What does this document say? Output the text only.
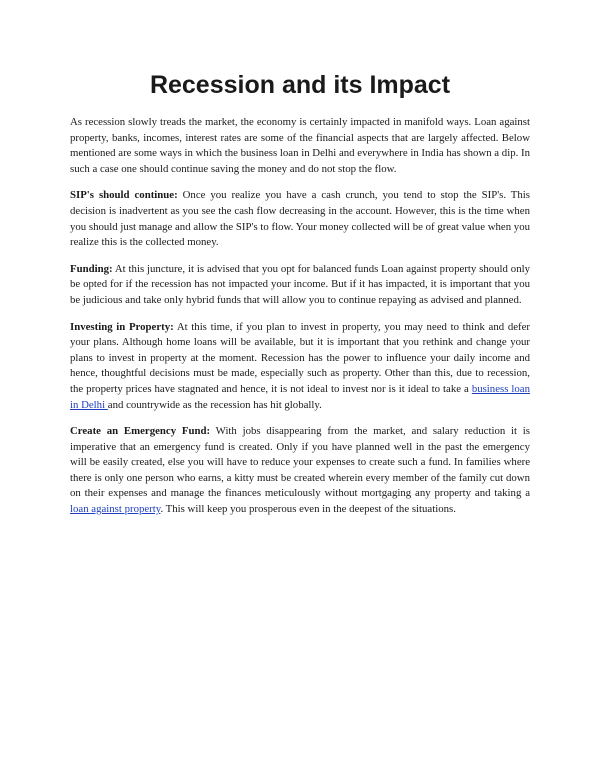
Recession and its Impact

As recession slowly treads the market, the economy is certainly impacted in manifold ways. Loan against property, banks, incomes, interest rates are some of the financial aspects that are largely affected. Below mentioned are some ways in which the business loan in Delhi and everywhere in India has shown a dip. In such a case one should continue saving the money and do not stop the flow.

SIP's should continue: Once you realize you have a cash crunch, you tend to stop the SIP's. This decision is inadvertent as you see the cash flow decreasing in the account. However, this is the time when you should just manage and allow the SIP's to flow. Your money collected will be of great value when you realize this is the collected money.

Funding: At this juncture, it is advised that you opt for balanced funds Loan against property should only be opted for if the recession has not impacted your income. But if it has impacted, it is important that you be judicious and take only hybrid funds that will allow you to continue repaying as advised and planned.

Investing in Property: At this time, if you plan to invest in property, you may need to think and defer your plans. Although home loans will be available, but it is important that you rethink and change your plans to invest in property at the moment. Recession has the power to influence your daily income and hence, thoughtful decisions must be made, especially such as property. Other than this, due to recession, the property prices have stagnated and hence, it is not ideal to invest nor is it ideal to take a business loan in Delhi and countrywide as the recession has hit globally.

Create an Emergency Fund: With jobs disappearing from the market, and salary reduction it is imperative that an emergency fund is created. Only if you have planned well in the past the emergency will be easily created, else you will have to reduce your expenses to create such a fund. In families where there is only one person who earns, a kitty must be created wherein every member of the family cut down on their expenses and manage the finances meticulously without mortgaging any property and taking a loan against property. This will keep you prosperous even in the deepest of the situations.
